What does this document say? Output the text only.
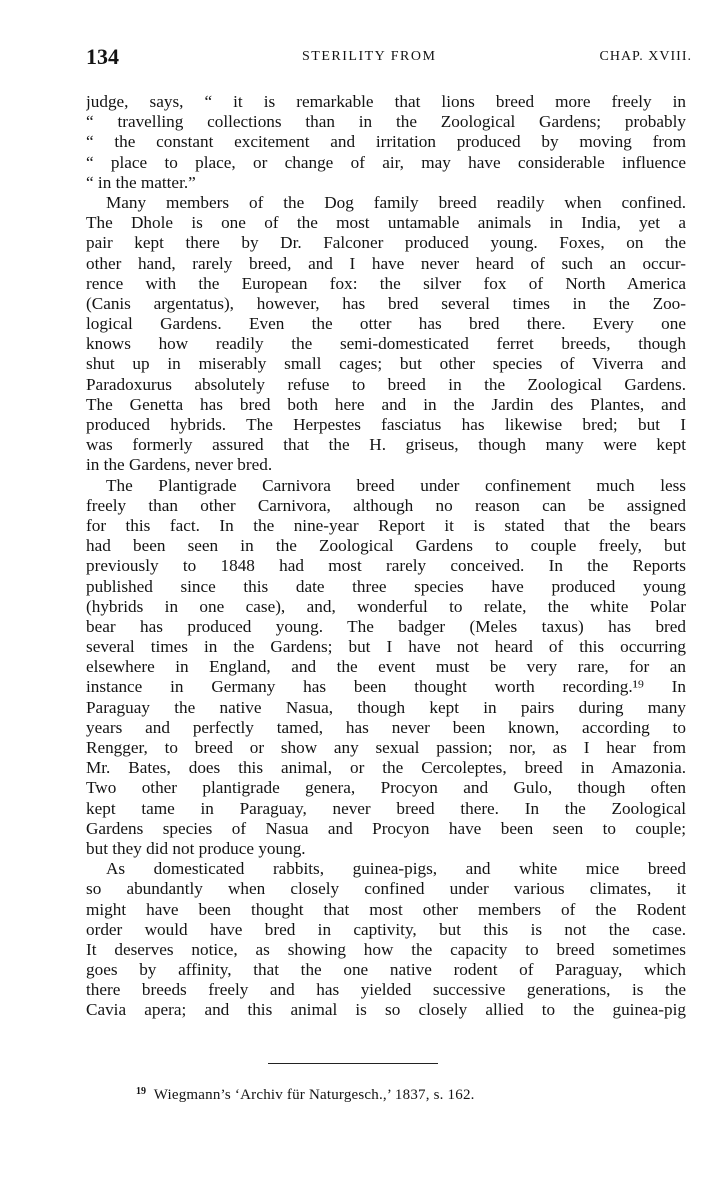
134	STERILITY FROM	CHAP. XVIII.
judge, says, “ it is remarkable that lions breed more freely in
“ travelling collections than in the Zoological Gardens; probably
“ the constant excitement and irritation produced by moving from
“ place to place, or change of air, may have considerable influence
“ in the matter.”
Many members of the Dog family breed readily when confined.
The Dhole is one of the most untamable animals in India, yet a
pair kept there by Dr. Falconer produced young. Foxes, on the
other hand, rarely breed, and I have never heard of such an occur-
rence with the European fox: the silver fox of North America
(Canis argentatus), however, has bred several times in the Zoo-
logical Gardens. Even the otter has bred there. Every one
knows how readily the semi-domesticated ferret breeds, though
shut up in miserably small cages; but other species of Viverra and
Paradoxurus absolutely refuse to breed in the Zoological Gardens.
The Genetta has bred both here and in the Jardin des Plantes, and
produced hybrids. The Herpestes fasciatus has likewise bred; but I
was formerly assured that the H. griseus, though many were kept
in the Gardens, never bred.
The Plantigrade Carnivora breed under confinement much less
freely than other Carnivora, although no reason can be assigned
for this fact. In the nine-year Report it is stated that the bears
had been seen in the Zoological Gardens to couple freely, but
previously to 1848 had most rarely conceived. In the Reports
published since this date three species have produced young
(hybrids in one case), and, wonderful to relate, the white Polar
bear has produced young. The badger (Meles taxus) has bred
several times in the Gardens; but I have not heard of this occurring
elsewhere in England, and the event must be very rare, for an
instance in Germany has been thought worth recording.¹⁹ In
Paraguay the native Nasua, though kept in pairs during many
years and perfectly tamed, has never been known, according to
Rengger, to breed or show any sexual passion; nor, as I hear from
Mr. Bates, does this animal, or the Cercoleptes, breed in Amazonia.
Two other plantigrade genera, Procyon and Gulo, though often
kept tame in Paraguay, never breed there. In the Zoological
Gardens species of Nasua and Procyon have been seen to couple;
but they did not produce young.
As domesticated rabbits, guinea-pigs, and white mice breed
so abundantly when closely confined under various climates, it
might have been thought that most other members of the Rodent
order would have bred in captivity, but this is not the case.
It deserves notice, as showing how the capacity to breed sometimes
goes by affinity, that the one native rodent of Paraguay, which
there breeds freely and has yielded successive generations, is the
Cavia apera; and this animal is so closely allied to the guinea-pig
$^{19}$ Wiegmann’s ‘Archiv für Naturgesch.,’ 1837, s. 162.
